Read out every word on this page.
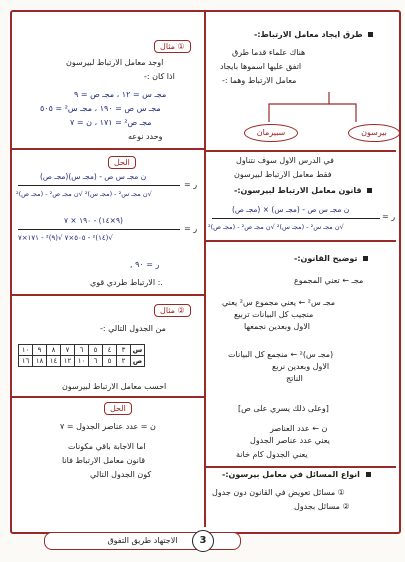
طرق ايجاد معامل الارتباط:-
هناك علماء قدما طرق
اتفق عليها اسموها بايجاد
معامل الارتباط وهما :-
بيرسون
سبيرمان
في الدرس الاول سوف نتناول
فقط معامل الارتباط لبيرسون
قانون معامل الارتباط لبيرسون:-
ن مجـ س ص - (مجـ س) × (مجـ ص)
√ن مجـ س² - (مجـ س)² √ن مجـ ص² - (مجـ ص)²
ر =
توضيح القانون:-
مجـ ← تعني المجموع
مجـ س² ← يعني مجموع س² يعني
منجيب كل البيانات تربيع
الاول وبعدين نجمعها
(مجـ س)² ← منجمع كل البيانات
الاول وبعدين نربع
الناتج
[وعلى ذلك يسري على ص]
ن ← عدد العناصر
يعني عدد عناصر الجدول
يعني الجدول كام خانة
انواع المسائل في معامل بيرسون:-
① مسائل تعويض في القانون دون جدول
② مسائل بجدول
مثال ①
اوجد معامل الارتباط لبيرسون
اذا كان :-
مجـ س = ١٢ ، مجـ ص = ٩
مجـ س ص = ١٩٠ ، مجـ س² = ٥٠٥
مجـ ص² = ١٧١ ، ن = ٧
وحدد نوعه
الحل
ر =
ن مجـ س ص - (مجـ س)(مجـ ص)
√ن مجـ س² - (مجـ س)² √ن مجـ ص² - (مجـ ص)²
ر =
(٩×١٤) - ١٩٠ × ٧
√(١٤)² - ٥٠٥×٧ √(٩)² - ١٧١×٧
ر = ٩٠ ,
.: الارتباط طردي قوي
مثال ②
من الجدول التالي :-
١٠	٩	٨	٧	٦	٥	٤	٣	س
١٦	١٨	١٤	١٢	١٠	٦	٥	٢	ص
احسب معامل الارتباط لبيرسون
الحل
ن = عدد عناصر الجدول = ٧
اما الاجابة باقي مكونات
قانون معامل الارتباط فانا
كون الجدول التالي
الاجتهاد طريق التفوق	3
